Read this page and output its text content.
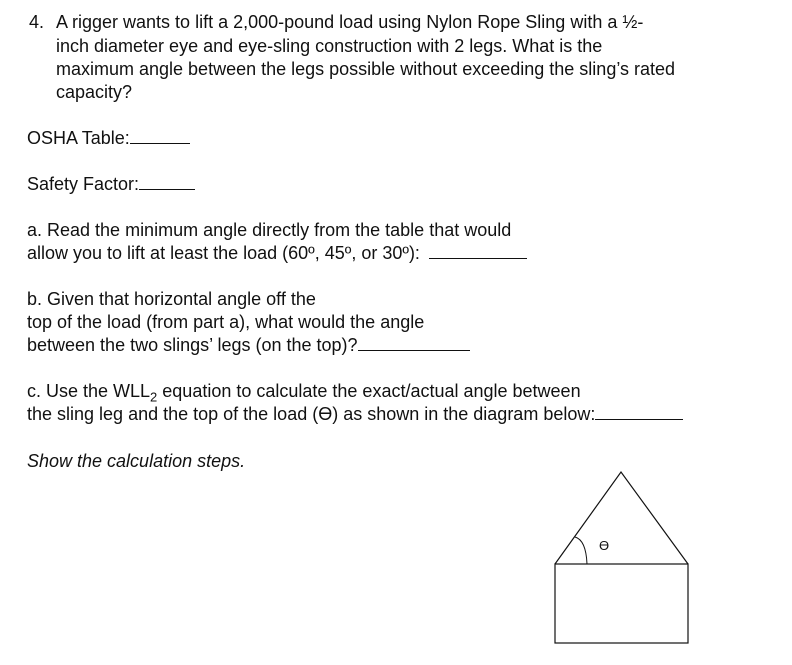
4. A rigger wants to lift a 2,000-pound load using Nylon Rope Sling with a ½-
inch diameter eye and eye-sling construction with 2 legs. What is the
maximum angle between the legs possible without exceeding the sling’s rated
capacity?
OSHA Table:
Safety Factor:
a. Read the minimum angle directly from the table that would
allow you to lift at least the load (60º, 45º, or 30º):
b. Given that horizontal angle off the
top of the load (from part a), what would the angle
between the two slings’ legs (on the top)?
c. Use the $WLL_2$ equation to calculate the exact/actual angle between
the sling leg and the top of the load (ϴ) as shown in the diagram below:
Show the calculation steps.
ϴ
